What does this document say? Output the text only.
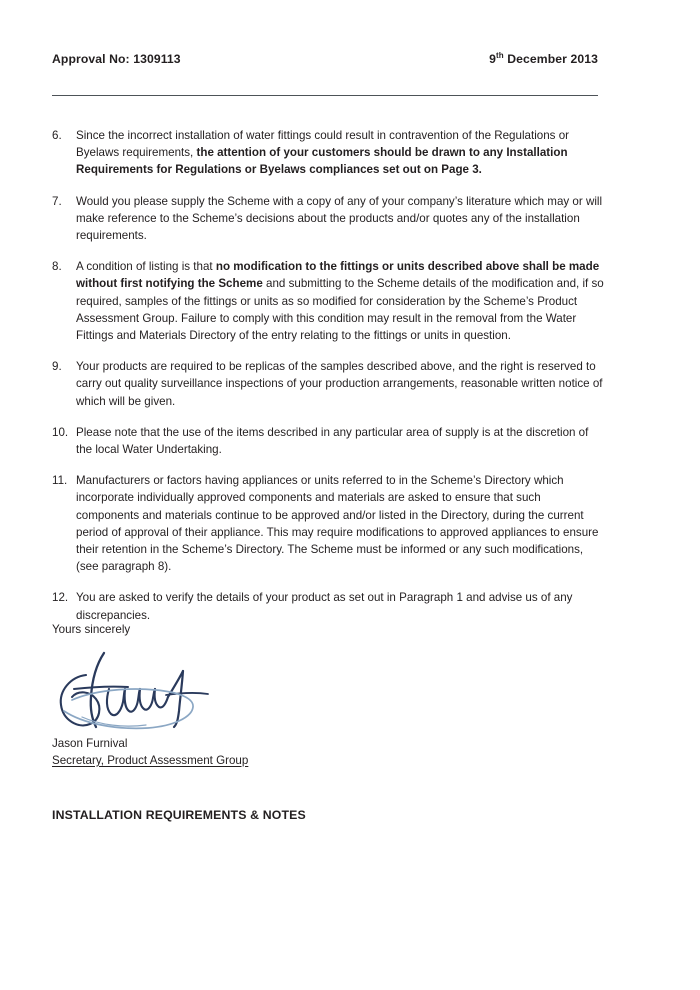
Approval No: 1309113	9th December 2013
6.	Since the incorrect installation of water fittings could result in contravention of the Regulations or Byelaws requirements, the attention of your customers should be drawn to any Installation Requirements for Regulations or Byelaws compliances set out on Page 3.
7.	Would you please supply the Scheme with a copy of any of your company’s literature which may or will make reference to the Scheme’s decisions about the products and/or quotes any of the installation requirements.
8.	A condition of listing is that no modification to the fittings or units described above shall be made without first notifying the Scheme and submitting to the Scheme details of the modification and, if so required, samples of the fittings or units as so modified for consideration by the Scheme’s Product Assessment Group. Failure to comply with this condition may result in the removal from the Water Fittings and Materials Directory of the entry relating to the fittings or units in question.
9.	Your products are required to be replicas of the samples described above, and the right is reserved to carry out quality surveillance inspections of your production arrangements, reasonable written notice of which will be given.
10. Please note that the use of the items described in any particular area of supply is at the discretion of the local Water Undertaking.
11. Manufacturers or factors having appliances or units referred to in the Scheme’s Directory which incorporate individually approved components and materials are asked to ensure that such components and materials continue to be approved and/or listed in the Directory, during the current period of approval of their appliance. This may require modifications to approved appliances to ensure their retention in the Scheme’s Directory. The Scheme must be informed or any such modifications, (see paragraph 8).
12. You are asked to verify the details of your product as set out in Paragraph 1 and advise us of any discrepancies.
Yours sincerely
Jason Furnival
Secretary, Product Assessment Group
INSTALLATION REQUIREMENTS & NOTES
